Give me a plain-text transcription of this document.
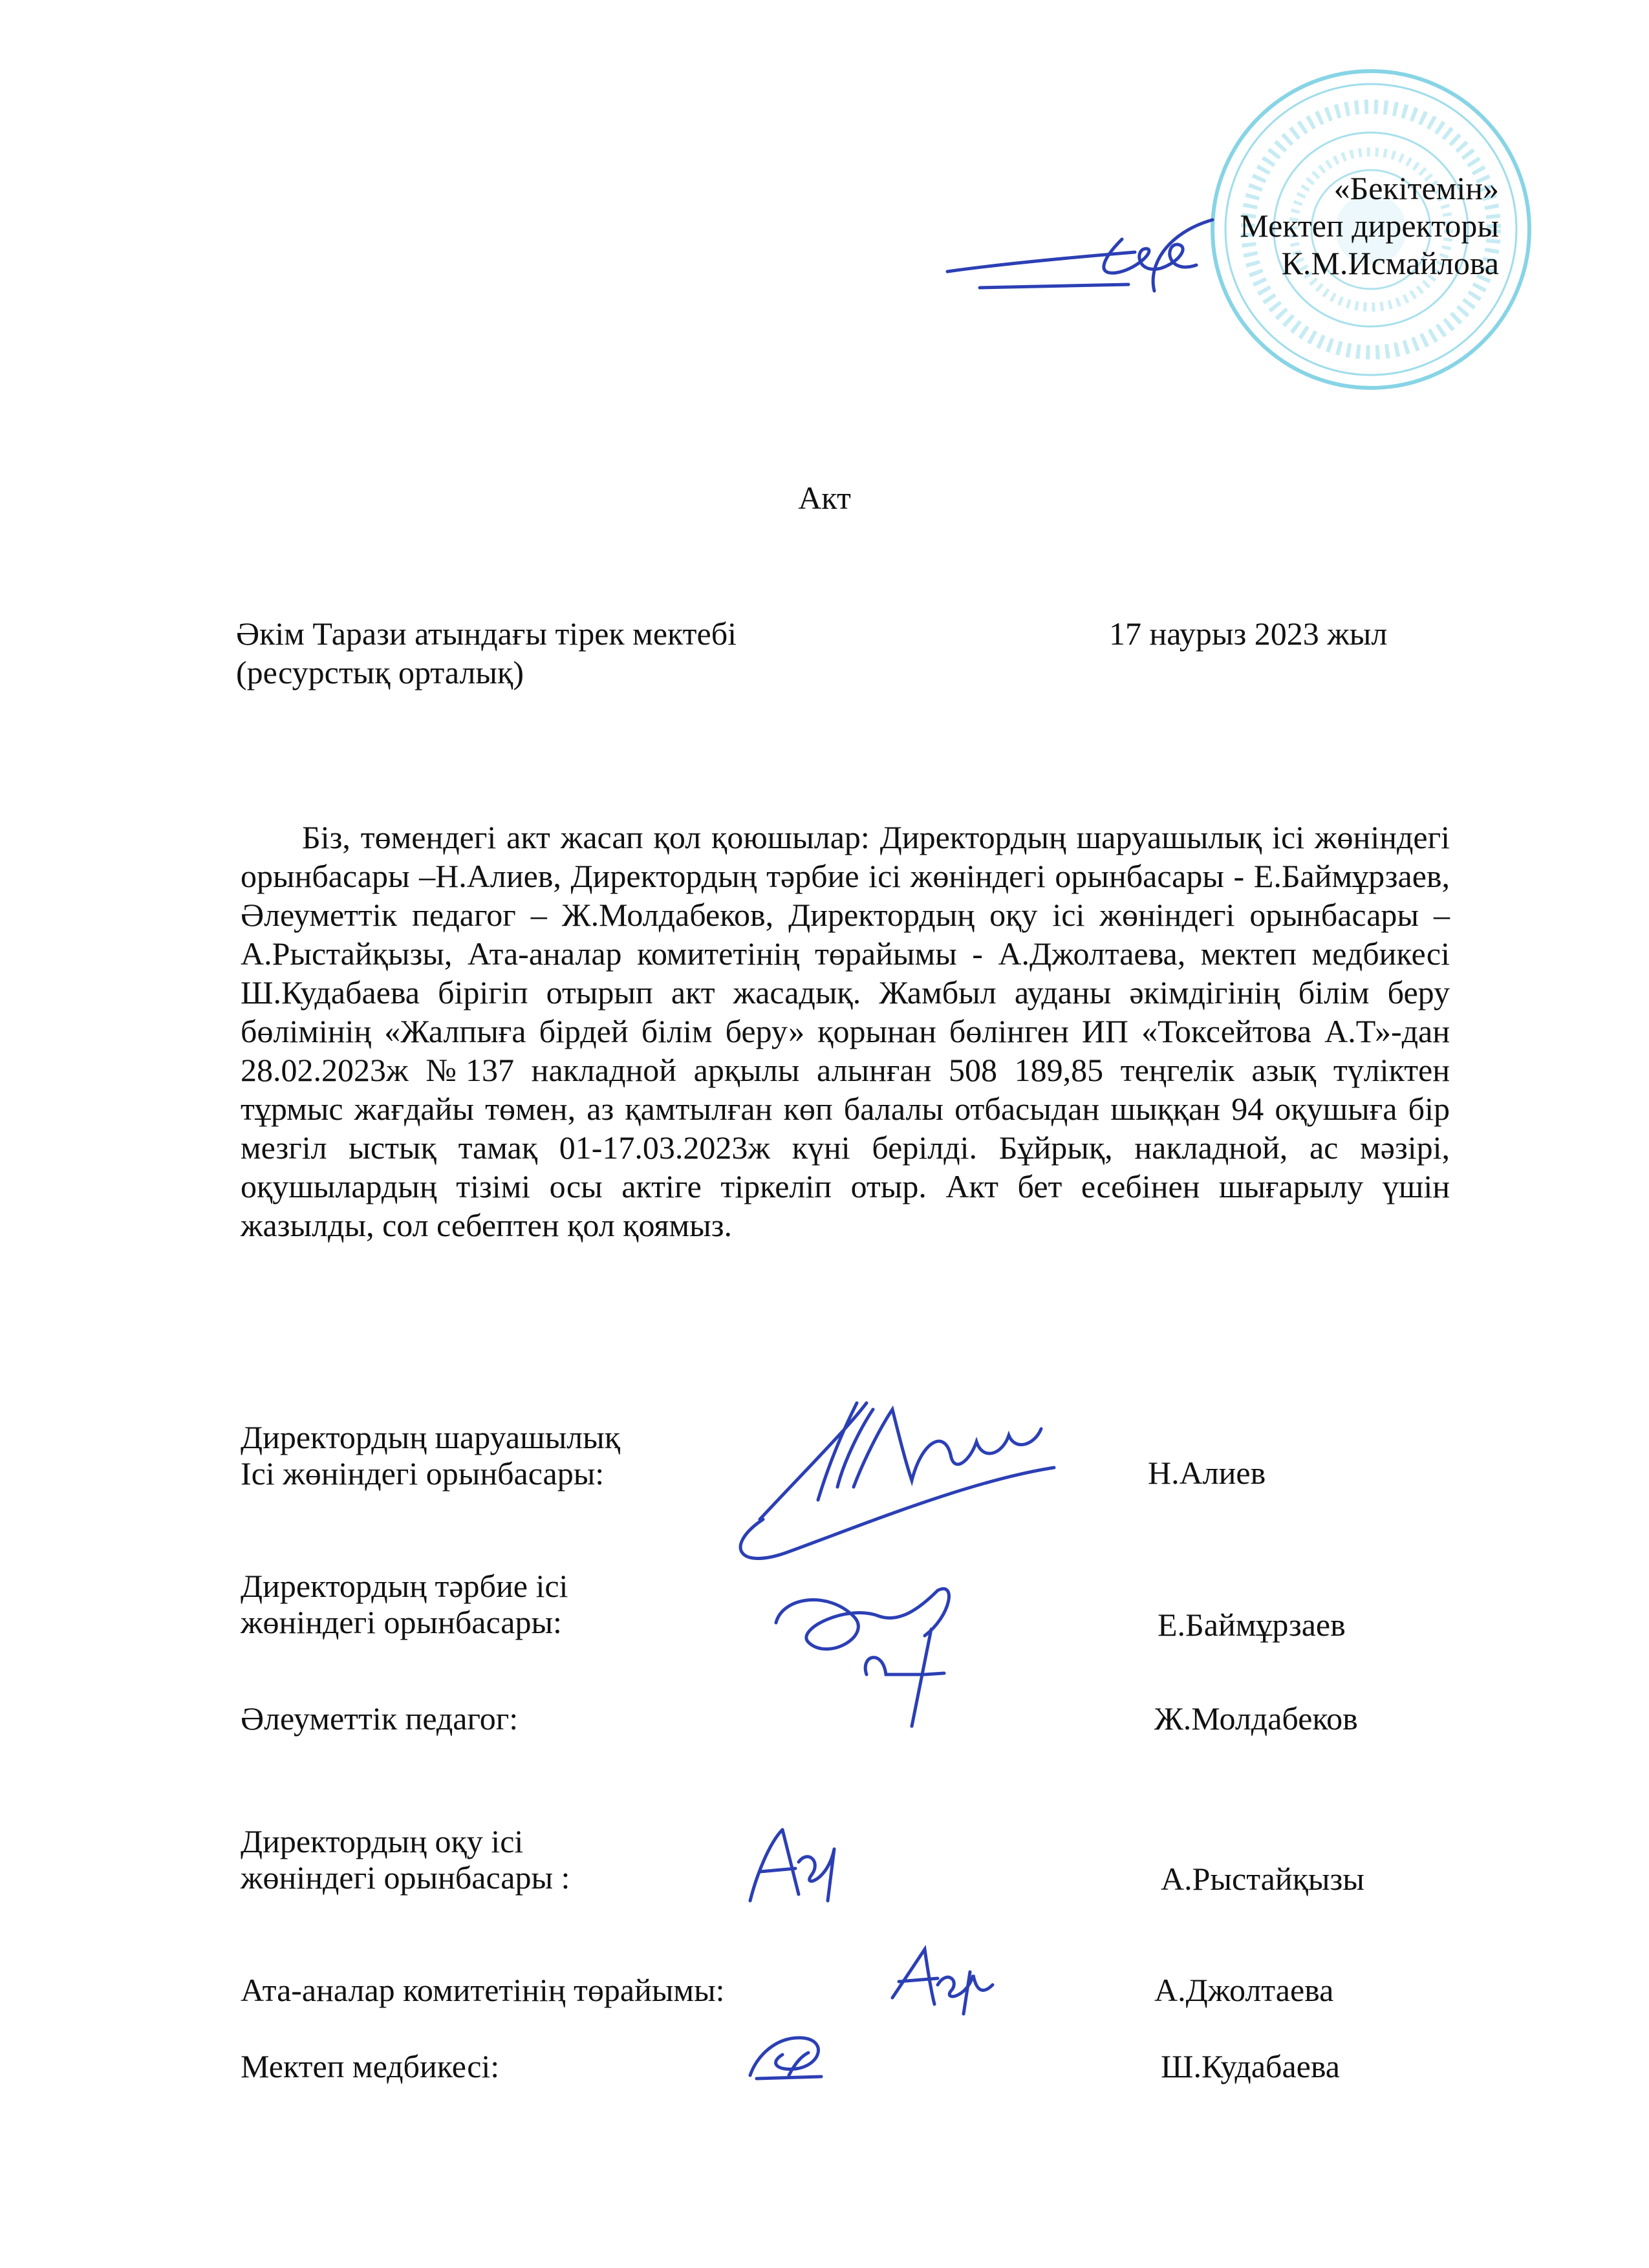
«Бекітемін»
Мектеп директоры
К.М.Исмайлова
Акт
Әкім Тарази атындағы тірек мектебі
(ресурстық орталық)
17 наурыз 2023 жыл
Біз, төмендегі акт жасап қол қоюшылар: Директордың шаруашылық ісі жөніндегі орынбасары –Н.Алиев, Директордың тәрбие ісі жөніндегі орынбасары - Е.Баймұрзаев, Әлеуметтік педагог – Ж.Молдабеков, Директордың оқу ісі жөніндегі орынбасары – А.Рыстайқызы, Ата-аналар комитетінің төрайымы - А.Джолтаева, мектеп медбикесі Ш.Кудабаева бірігіп отырып акт жасадық. Жамбыл ауданы әкімдігінің білім беру бөлімінің «Жалпыға бірдей білім беру» қорынан бөлінген ИП «Токсейтова А.Т»-дан 28.02.2023ж №137 накладной арқылы алынған 508 189,85 теңгелік азық түліктен тұрмыс жағдайы төмен, аз қамтылған көп балалы отбасыдан шыққан 94 оқушыға бір мезгіл ыстық тамақ 01-17.03.2023ж күні берілді. Бұйрық, накладной, ас мәзірі, оқушылардың тізімі осы актіге тіркеліп отыр. Акт бет есебінен шығарылу үшін жазылды, сол себептен қол қоямыз.
Директордың шаруашылық
Ісі жөніндегі орынбасары:	Н.Алиев
Директордың тәрбие ісі
жөніндегі орынбасары:	Е.Баймұрзаев
Әлеуметтік педагог:	Ж.Молдабеков
Директордың оқу ісі
жөніндегі орынбасары :	А.Рыстайқызы
Ата-аналар комитетінің төрайымы:	А.Джолтаева
Мектеп медбикесі:	Ш.Кудабаева
